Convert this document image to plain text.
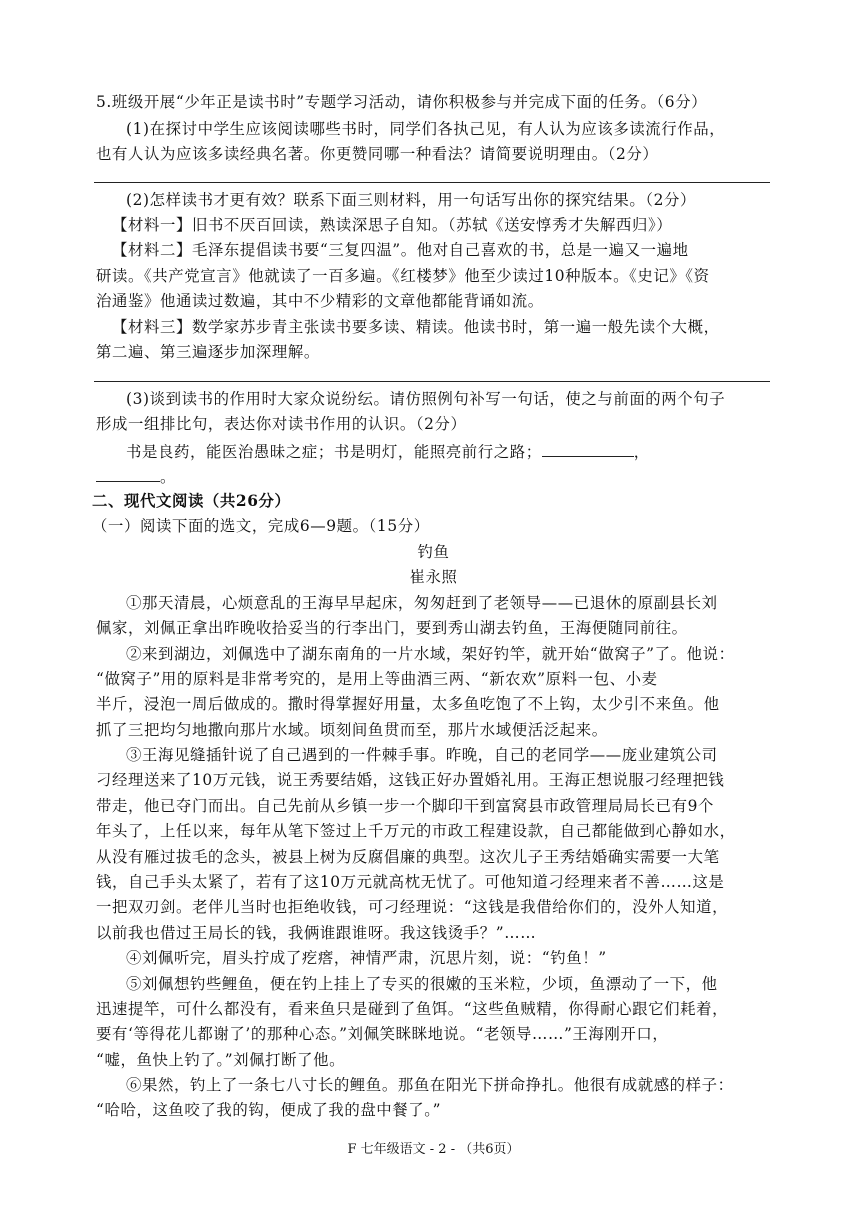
5.班级开展“少年正是读书时”专题学习活动，请你积极参与并完成下面的任务。（6分）
(1)在探讨中学生应该阅读哪些书时，同学们各执己见，有人认为应该多读流行作品，
也有人认为应该多读经典名著。你更赞同哪一种看法？请简要说明理由。（2分）
(2)怎样读书才更有效？联系下面三则材料，用一句话写出你的探究结果。（2分）
【材料一】旧书不厌百回读，熟读深思子自知。（苏轼《送安惇秀才失解西归》）
【材料二】毛泽东提倡读书要“三复四温”。他对自己喜欢的书，总是一遍又一遍地
研读。《共产党宣言》他就读了一百多遍。《红楼梦》他至少读过10种版本。《史记》《资
治通鉴》他通读过数遍，其中不少精彩的文章他都能背诵如流。
【材料三】数学家苏步青主张读书要多读、精读。他读书时，第一遍一般先读个大概，
第二遍、第三遍逐步加深理解。
(3)谈到读书的作用时大家众说纷纭。请仿照例句补写一句话，使之与前面的两个句子
形成一组排比句，表达你对读书作用的认识。（2分）
书是良药，能医治愚昧之症；书是明灯，能照亮前行之路；	，
。
二、现代文阅读（共26分）
（一）阅读下面的选文，完成6—9题。（15分）
钓鱼
崔永照
①那天清晨，心烦意乱的王海早早起床，匆匆赶到了老领导——已退休的原副县长刘
佩家，刘佩正拿出昨晚收拾妥当的行李出门，要到秀山湖去钓鱼，王海便随同前往。
②来到湖边，刘佩选中了湖东南角的一片水域，架好钓竿，就开始“做窝子”了。他说：
“做窝子”用的原料是非常考究的，是用上等曲酒三两、“新农欢”原料一包、小麦
半斤，浸泡一周后做成的。撒时得掌握好用量，太多鱼吃饱了不上钩，太少引不来鱼。他
抓了三把均匀地撒向那片水域。顷刻间鱼贯而至，那片水域便活泛起来。
③王海见缝插针说了自己遇到的一件棘手事。昨晚，自己的老同学——庞业建筑公司
刁经理送来了10万元钱，说王秀要结婚，这钱正好办置婚礼用。王海正想说服刁经理把钱
带走，他已夺门而出。自己先前从乡镇一步一个脚印干到富窝县市政管理局局长已有9个
年头了，上任以来，每年从笔下签过上千万元的市政工程建设款，自己都能做到心静如水，
从没有雁过拔毛的念头，被县上树为反腐倡廉的典型。这次儿子王秀结婚确实需要一大笔
钱，自己手头太紧了，若有了这10万元就高枕无忧了。可他知道刁经理来者不善……这是
一把双刃剑。老伴儿当时也拒绝收钱，可刁经理说：“这钱是我借给你们的，没外人知道，
以前我也借过王局长的钱，我俩谁跟谁呀。我这钱烫手？”……
④刘佩听完，眉头拧成了疙瘩，神情严肃，沉思片刻，说：“钓鱼！”
⑤刘佩想钓些鲤鱼，便在钓上挂上了专买的很嫩的玉米粒，少顷，鱼漂动了一下，他
迅速提竿，可什么都没有，看来鱼只是碰到了鱼饵。“这些鱼贼精，你得耐心跟它们耗着，
要有‘等得花儿都谢了’的那种心态。”刘佩笑眯眯地说。“老领导……”王海刚开口，
“嘘，鱼快上钓了。”刘佩打断了他。
⑥果然，钓上了一条七八寸长的鲤鱼。那鱼在阳光下拼命挣扎。他很有成就感的样子：
“哈哈，这鱼咬了我的钩，便成了我的盘中餐了。”
F 七年级语文 - 2 - （共6页）
